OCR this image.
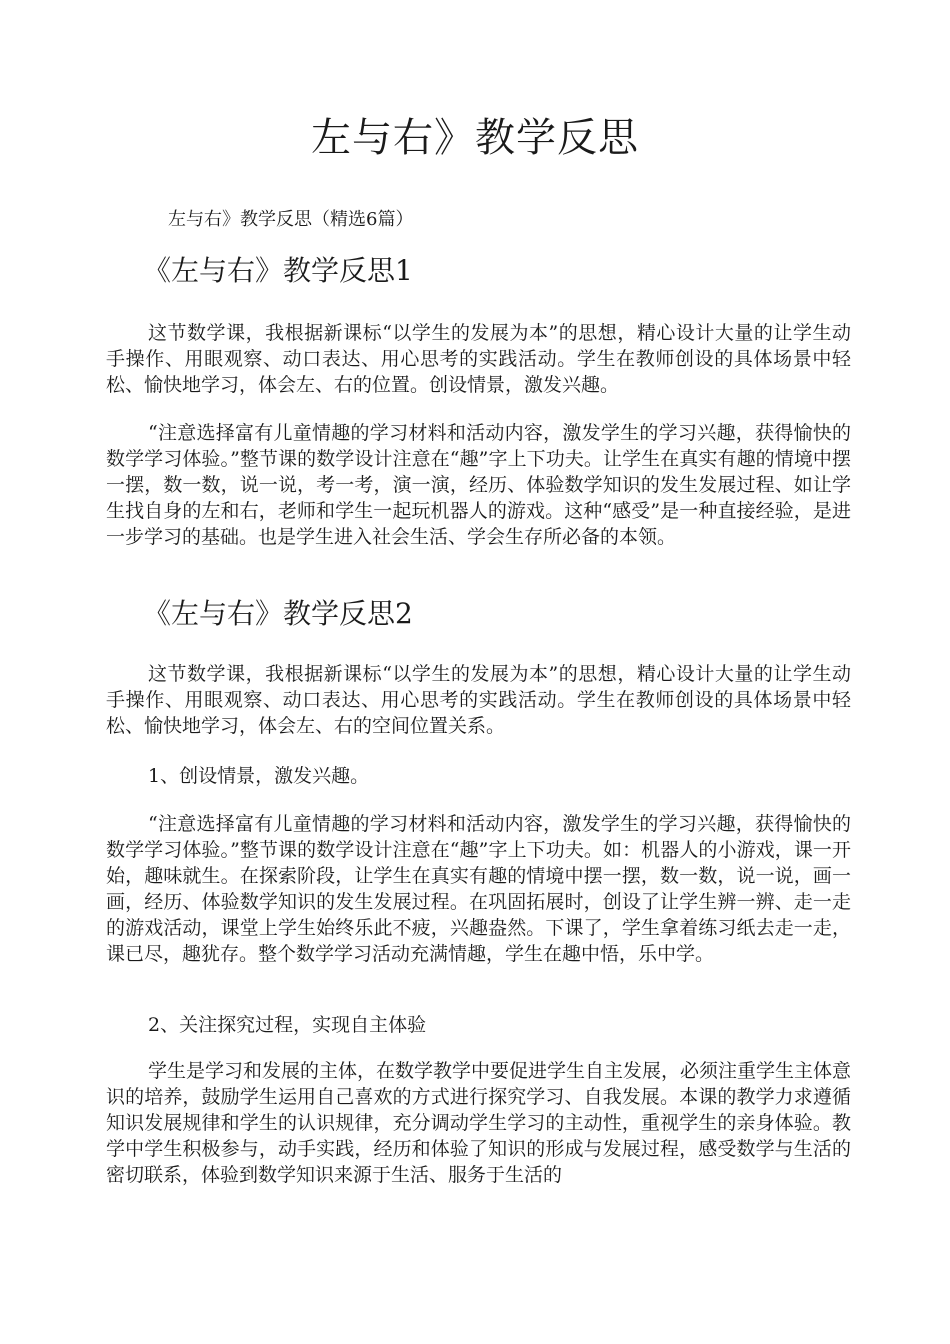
左与右》教学反思
左与右》教学反思（精选6篇）
《左与右》教学反思1

这节数学课，我根据新课标“以学生的发展为本”的思想，精心设计大量的让学生动手操作、用眼观察、动口表达、用心思考的实践活动。学生在教师创设的具体场景中轻松、愉快地学习，体会左、右的位置。创设情景，激发兴趣。

“注意选择富有儿童情趣的学习材料和活动内容，激发学生的学习兴趣，获得愉快的数学学习体验。”整节课的数学设计注意在“趣”字上下功夫。让学生在真实有趣的情境中摆一摆，数一数，说一说，考一考，演一演，经历、体验数学知识的发生发展过程、如让学生找自身的左和右，老师和学生一起玩机器人的游戏。这种“感受”是一种直接经验，是进一步学习的基础。也是学生进入社会生活、学会生存所必备的本领。

《左与右》教学反思2

这节数学课，我根据新课标“以学生的发展为本”的思想，精心设计大量的让学生动手操作、用眼观察、动口表达、用心思考的实践活动。学生在教师创设的具体场景中轻松、愉快地学习，体会左、右的空间位置关系。

1、创设情景，激发兴趣。

“注意选择富有儿童情趣的学习材料和活动内容，激发学生的学习兴趣，获得愉快的数学学习体验。”整节课的数学设计注意在“趣”字上下功夫。如：机器人的小游戏，课一开始，趣味就生。在探索阶段，让学生在真实有趣的情境中摆一摆，数一数，说一说，画一画，经历、体验数学知识的发生发展过程。在巩固拓展时，创设了让学生辨一辨、走一走的游戏活动，课堂上学生始终乐此不疲，兴趣盎然。下课了，学生拿着练习纸去走一走，课已尽，趣犹存。整个数学学习活动充满情趣，学生在趣中悟，乐中学。

2、关注探究过程，实现自主体验

学生是学习和发展的主体，在数学教学中要促进学生自主发展，必须注重学生主体意识的培养，鼓励学生运用自己喜欢的方式进行探究学习、自我发展。本课的教学力求遵循知识发展规律和学生的认识规律，充分调动学生学习的主动性，重视学生的亲身体验。教学中学生积极参与，动手实践，经历和体验了知识的形成与发展过程，感受数学与生活的密切联系，体验到数学知识来源于生活、服务于生活的
